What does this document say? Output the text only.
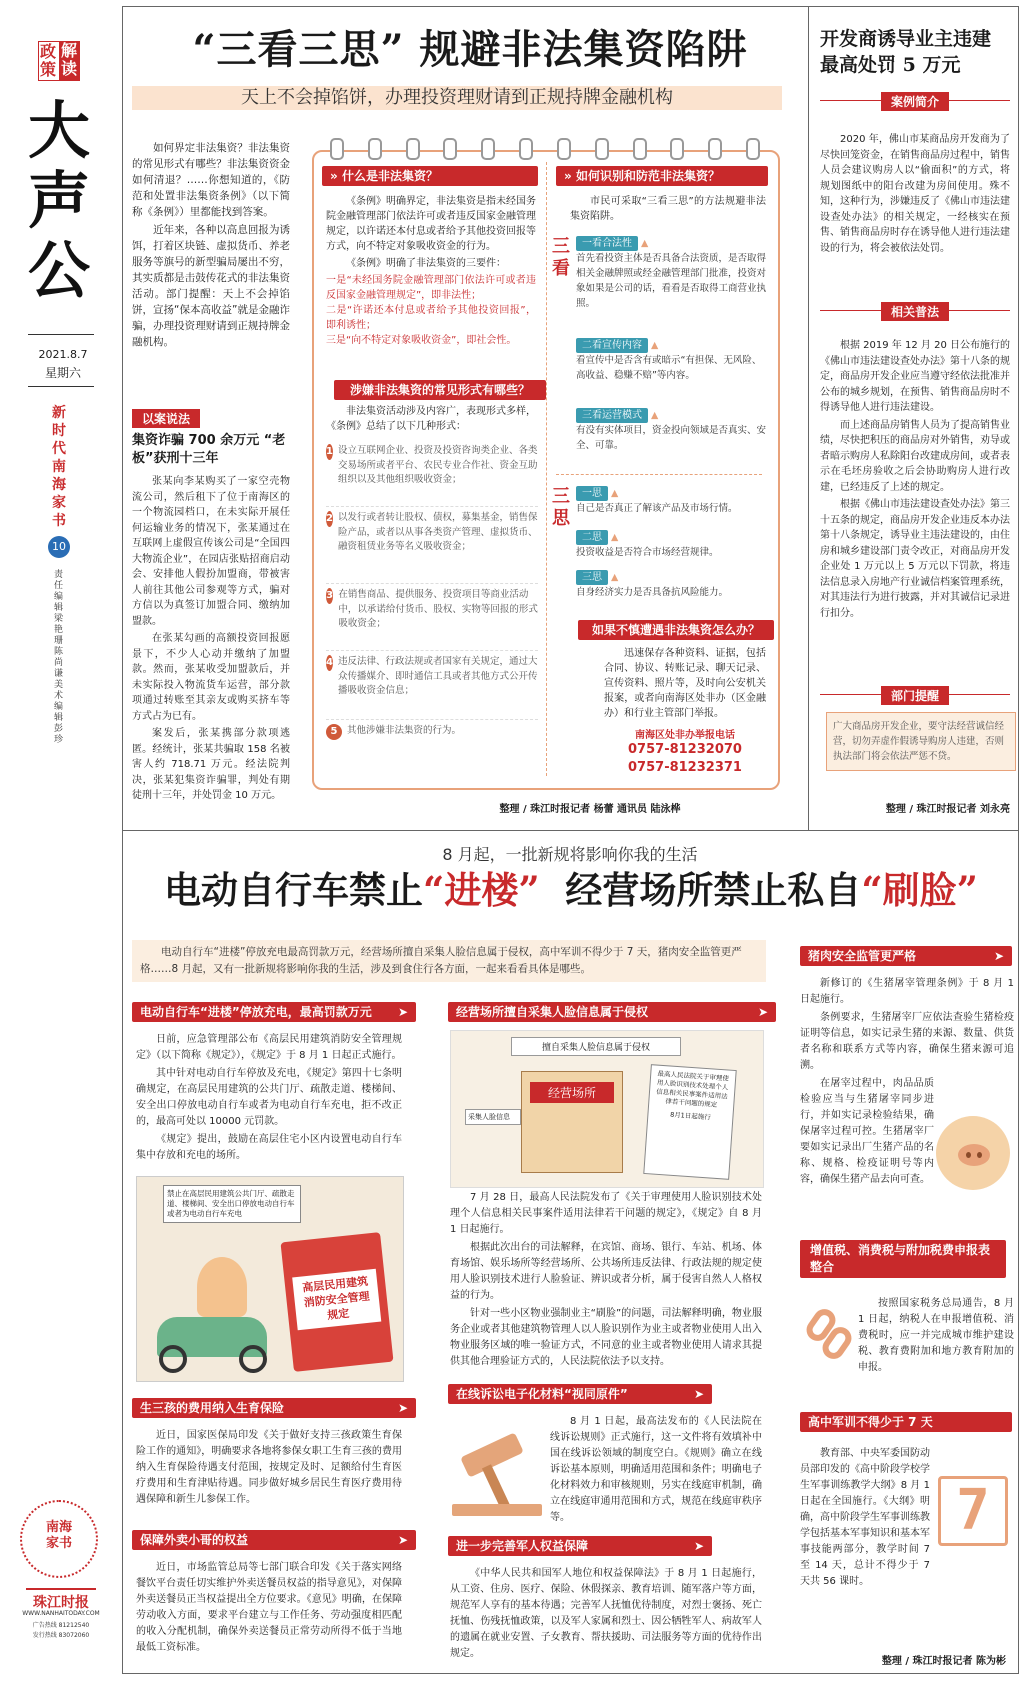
政策
解读
大声公
2021.8.7
星期六
新时代南海家书
10
责任编辑 梁艳珊 陈尚谦 美术编辑 彭珍
南海家书
珠江时报
WWW.NANHAITODAY.COM
广告热线 81212540
发行热线 83072060
“三看三思” 规避非法集资陷阱
天上不会掉馅饼，办理投资理财请到正规持牌金融机构

如何界定非法集资？非法集资的常见形式有哪些？非法集资资金如何清退？……你想知道的，《防范和处置非法集资条例》（以下简称《条例》）里都能找到答案。

近年来，各种以高息回报为诱饵，打着区块链、虚拟货币、养老服务等旗号的新型骗局屡出不穷，其实质都是击鼓传花式的非法集资活动。部门提醒：天上不会掉馅饼，宣扬“保本高收益”就是金融诈骗，办理投资理财请到正规持牌金融机构。

以案说法
集资诈骗 700 余万元 “老板”获刑十三年

张某向李某购买了一家空壳物流公司，然后租下了位于南海区的一个物流园档口，在未实际开展任何运输业务的情况下，张某通过在互联网上虚假宣传该公司是“全国四大物流企业”，在园店张贴招商启动会、安排他人假扮加盟商，带被害人前往其他公司参观等方式，骗对方信以为真签订加盟合同、缴纳加盟款。

在张某勾画的高额投资回报愿景下，不少人心动并缴纳了加盟款。然而，张某收受加盟款后，并未实际投入物流货车运营，部分款项通过转账至其亲友或购买挤车等方式占为已有。

案发后，张某携部分款项逃匿。经统计，张某共骗取 158 名被害人约 718.71 万元。经法院判决，张某犯集资诈骗罪，判处有期徒刑十三年，并处罚金 10 万元。

» 什么是非法集资？

《条例》明确界定，非法集资是指未经国务院金融管理部门依法许可或者违反国家金融管理规定，以许诺还本付息或者给予其他投资回报等方式，向不特定对象吸收资金的行为。

《条例》明确了非法集资的三要件：

一是“未经国务院金融管理部门依法许可或者违反国家金融管理规定”，即非法性；
二是“许诺还本付息或者给予其他投资回报”，即利诱性；
三是“向不特定对象吸收资金”，即社会性。
涉嫌非法集资的常见形式有哪些？
非法集资活动涉及内容广，表现形式多样，《条例》总结了以下几种形式：
1 设立互联网企业、投资及投资咨询类企业、各类交易场所或者平台、农民专业合作社、资金互助组织以及其他组织吸收资金；
2 以发行或者转让股权、债权，募集基金，销售保险产品，或者以从事各类资产管理、虚拟货币、融资租赁业务等名义吸收资金；
3 在销售商品、提供服务、投资项目等商业活动中，以承诺给付货币、股权、实物等回报的形式吸收资金；
4 违反法律、行政法规或者国家有关规定，通过大众传播媒介、即时通信工具或者其他方式公开传播吸收资金信息；
5	其他涉嫌非法集资的行为。
» 如何识别和防范非法集资？
市民可采取“三看三思”的方法规避非法集资陷阱。
三看
一看合法性 ▲
首先看投资主体是否具备合法资质，是否取得相关金融牌照或经金融管理部门批准，投资对象如果是公司的话，看看是否取得工商营业执照。
二看宣传内容 ▲
看宣传中是否含有或暗示“有担保、无风险、高收益、稳赚不赔”等内容。
三看运营模式 ▲
有没有实体项目，资金投向领域是否真实、安全、可靠。
三思
一思 ▲
自己是否真正了解该产品及市场行情。
二思 ▲
投资收益是否符合市场经营规律。
三思 ▲
自身经济实力是否具备抗风险能力。
如果不慎遭遇非法集资怎么办？
迅速保存各种资料、证据，包括合同、协议、转账记录、聊天记录、宣传资料、照片等，及时向公安机关报案，或者向南海区处非办（区金融办）和行业主管部门举报。
南海区处非办举报电话
0757-81232070
0757-81232371
整理 / 珠江时报记者 杨蕾 通讯员 陆泳桦
开发商诱导业主违建 最高处罚 5 万元
案例简介
2020 年，佛山市某商品房开发商为了尽快回笼资金，在销售商品房过程中，销售人员会建议购房人以“偷面积”的方式，将规划图纸中的阳台改建为房间使用。殊不知，这种行为，涉嫌违反了《佛山市违法建设查处办法》的相关规定，一经核实在预售、销售商品房时存在诱导他人进行违法建设的行为，将会被依法处罚。
相关普法

根据 2019 年 12 月 20 日公布施行的《佛山市违法建设查处办法》第十八条的规定，商品房开发企业应当遵守经依法批准并公布的城乡规划，在预售、销售商品房时不得诱导他人进行违法建设。

而上述商品房销售人员为了提高销售业绩，尽快把积压的商品房对外销售，劝导或者暗示购房人私除阳台改建成房间，或者表示在毛坯房验收之后会协助购房人进行改建，已经违反了上述的规定。

根据《佛山市违法建设查处办法》第三十五条的规定，商品房开发企业违反本办法第十八条规定，诱导业主违法建设的，由住房和城乡建设部门责令改正，对商品房开发企业处 1 万元以上 5 万元以下罚款，将违法信息录入房地产行业诚信档案管理系统，对其违法行为进行披露，并对其诚信记录进行扣分。

部门提醒
广大商品房开发企业，要守法经营诚信经营，切勿弄虚作假诱导购房人违建，否则执法部门将会依法严惩不贷。
整理 / 珠江时报记者 刘永亮
8 月起，一批新规将影响你我的生活
电动自行车禁止“进楼” 经营场所禁止私自“刷脸”
电动自行车“进楼”停放充电最高罚款万元，经营场所擅自采集人脸信息属于侵权，高中军训不得少于 7 天，猪肉安全监管更严格……8 月起，又有一批新规将影响你我的生活，涉及到食住行各方面，一起来看看具体是哪些。
电动自行车“进楼”停放充电，最高罚款万元 ➤

日前，应急管理部公布《高层民用建筑消防安全管理规定》（以下简称《规定》），《规定》于 8 月 1 日起正式施行。

其中针对电动自行车停放及充电，《规定》第四十七条明确规定，在高层民用建筑的公共门厅、疏散走道、楼梯间、安全出口停放电动自行车或者为电动自行车充电，拒不改正的，最高可处以 10000 元罚款。

《规定》提出，鼓励在高层住宅小区内设置电动自行车集中存放和充电的场所。

禁止在高层民用建筑公共门厅、疏散走道、楼梯间、安全出口停放电动自行车或者为电动自行车充电
高层民用建筑消防安全管理规定
生三孩的费用纳入生育保险	➤
近日，国家医保局印发《关于做好支持三孩政策生育保险工作的通知》，明确要求各地将参保女职工生育三孩的费用纳入生育保险待遇支付范围，按规定及时、足额给付生育医疗费用和生育津贴待遇。同步做好城乡居民生育医疗费用待遇保障和新生儿参保工作。
保障外卖小哥的权益	➤
近日，市场监管总局等七部门联合印发《关于落实网络餐饮平台责任切实维护外卖送餐员权益的指导意见》，对保障外卖送餐员正当权益提出全方位要求。《意见》明确，在保障劳动收入方面，要求平台建立与工作任务、劳动强度相匹配的收入分配机制，确保外卖送餐员正常劳动所得不低于当地最低工资标准。
经营场所擅自采集人脸信息属于侵权	➤
擅自采集人脸信息属于侵权
经营场所
采集人脸信息
最高人民法院关于审理使用人脸识别技术处理个人信息相关民事案件适用法律若干问题的规定
8月1日起施行

7 月 28 日，最高人民法院发布了《关于审理使用人脸识别技术处理个人信息相关民事案件适用法律若干问题的规定》，《规定》自 8 月 1 日起施行。

根据此次出台的司法解释，在宾馆、商场、银行、车站、机场、体育场馆、娱乐场所等经营场所、公共场所违反法律、行政法规的规定使用人脸识别技术进行人脸验证、辨识或者分析，属于侵害自然人人格权益的行为。

针对一些小区物业强制业主“刷脸”的问题，司法解释明确，物业服务企业或者其他建筑物管理人以人脸识别作为业主或者物业使用人出入物业服务区域的唯一验证方式，不同意的业主或者物业使用人请求其提供其他合理验证方式的，人民法院依法予以支持。

在线诉讼电子化材料“视同原件”	➤
8 月 1 日起，最高法发布的《人民法院在线诉讼规则》正式施行，这一文件将有效填补中国在线诉讼领域的制度空白。《规则》确立在线诉讼基本原则，明确适用范围和条件；明确电子化材料效力和审核规则，另实在线庭审机制，确立在线庭审通用范围和方式，规范在线庭审秩序等。
进一步完善军人权益保障	➤
《中华人民共和国军人地位和权益保障法》于 8 月 1 日起施行，从工资、住房、医疗、保险、休假探亲、教育培训、随军落户等方面，规范军人享有的基本待遇；完善军人抚恤优待制度，对烈士褒扬、死亡抚恤、伤残抚恤政策，以及军人家属和烈士、因公牺牲军人、病故军人的遗属在就业安置、子女教育、帮扶援助、司法服务等方面的优待作出规定。
猪肉安全监管更严格	➤

新修订的《生猪屠宰管理条例》于 8 月 1 日起施行。

条例要求，生猪屠宰厂应依法查验生猪检疫证明等信息，如实记录生猪的来源、数量、供货者名称和联系方式等内容，确保生猪来源可追溯。

在屠宰过程中，肉品品质检验应当与生猪屠宰同步进行，并如实记录检验结果，确保屠宰过程可控。生猪屠宰厂要如实记录出厂生猪产品的名称、规格、检疫证明号等内容，确保生猪产品去向可查。

增值税、消费税与附加税费申报表整合
按照国家税务总局通告，8 月 1 日起，纳税人在申报增值税、消费税时，应一并完成城市维护建设税、教育费附加和地方教育附加的申报。
高中军训不得少于 7 天
教育部、中央军委国防动员部印发的《高中阶段学校学生军事训练教学大纲》8 月 1 日起在全国施行。《大纲》明确，高中阶段学生军事训练教学包括基本军事知识和基本军事技能两部分，教学时间 7 至 14 天，总计不得少于 7 天共 56 课时。
7
整理 / 珠江时报记者 陈为彬
